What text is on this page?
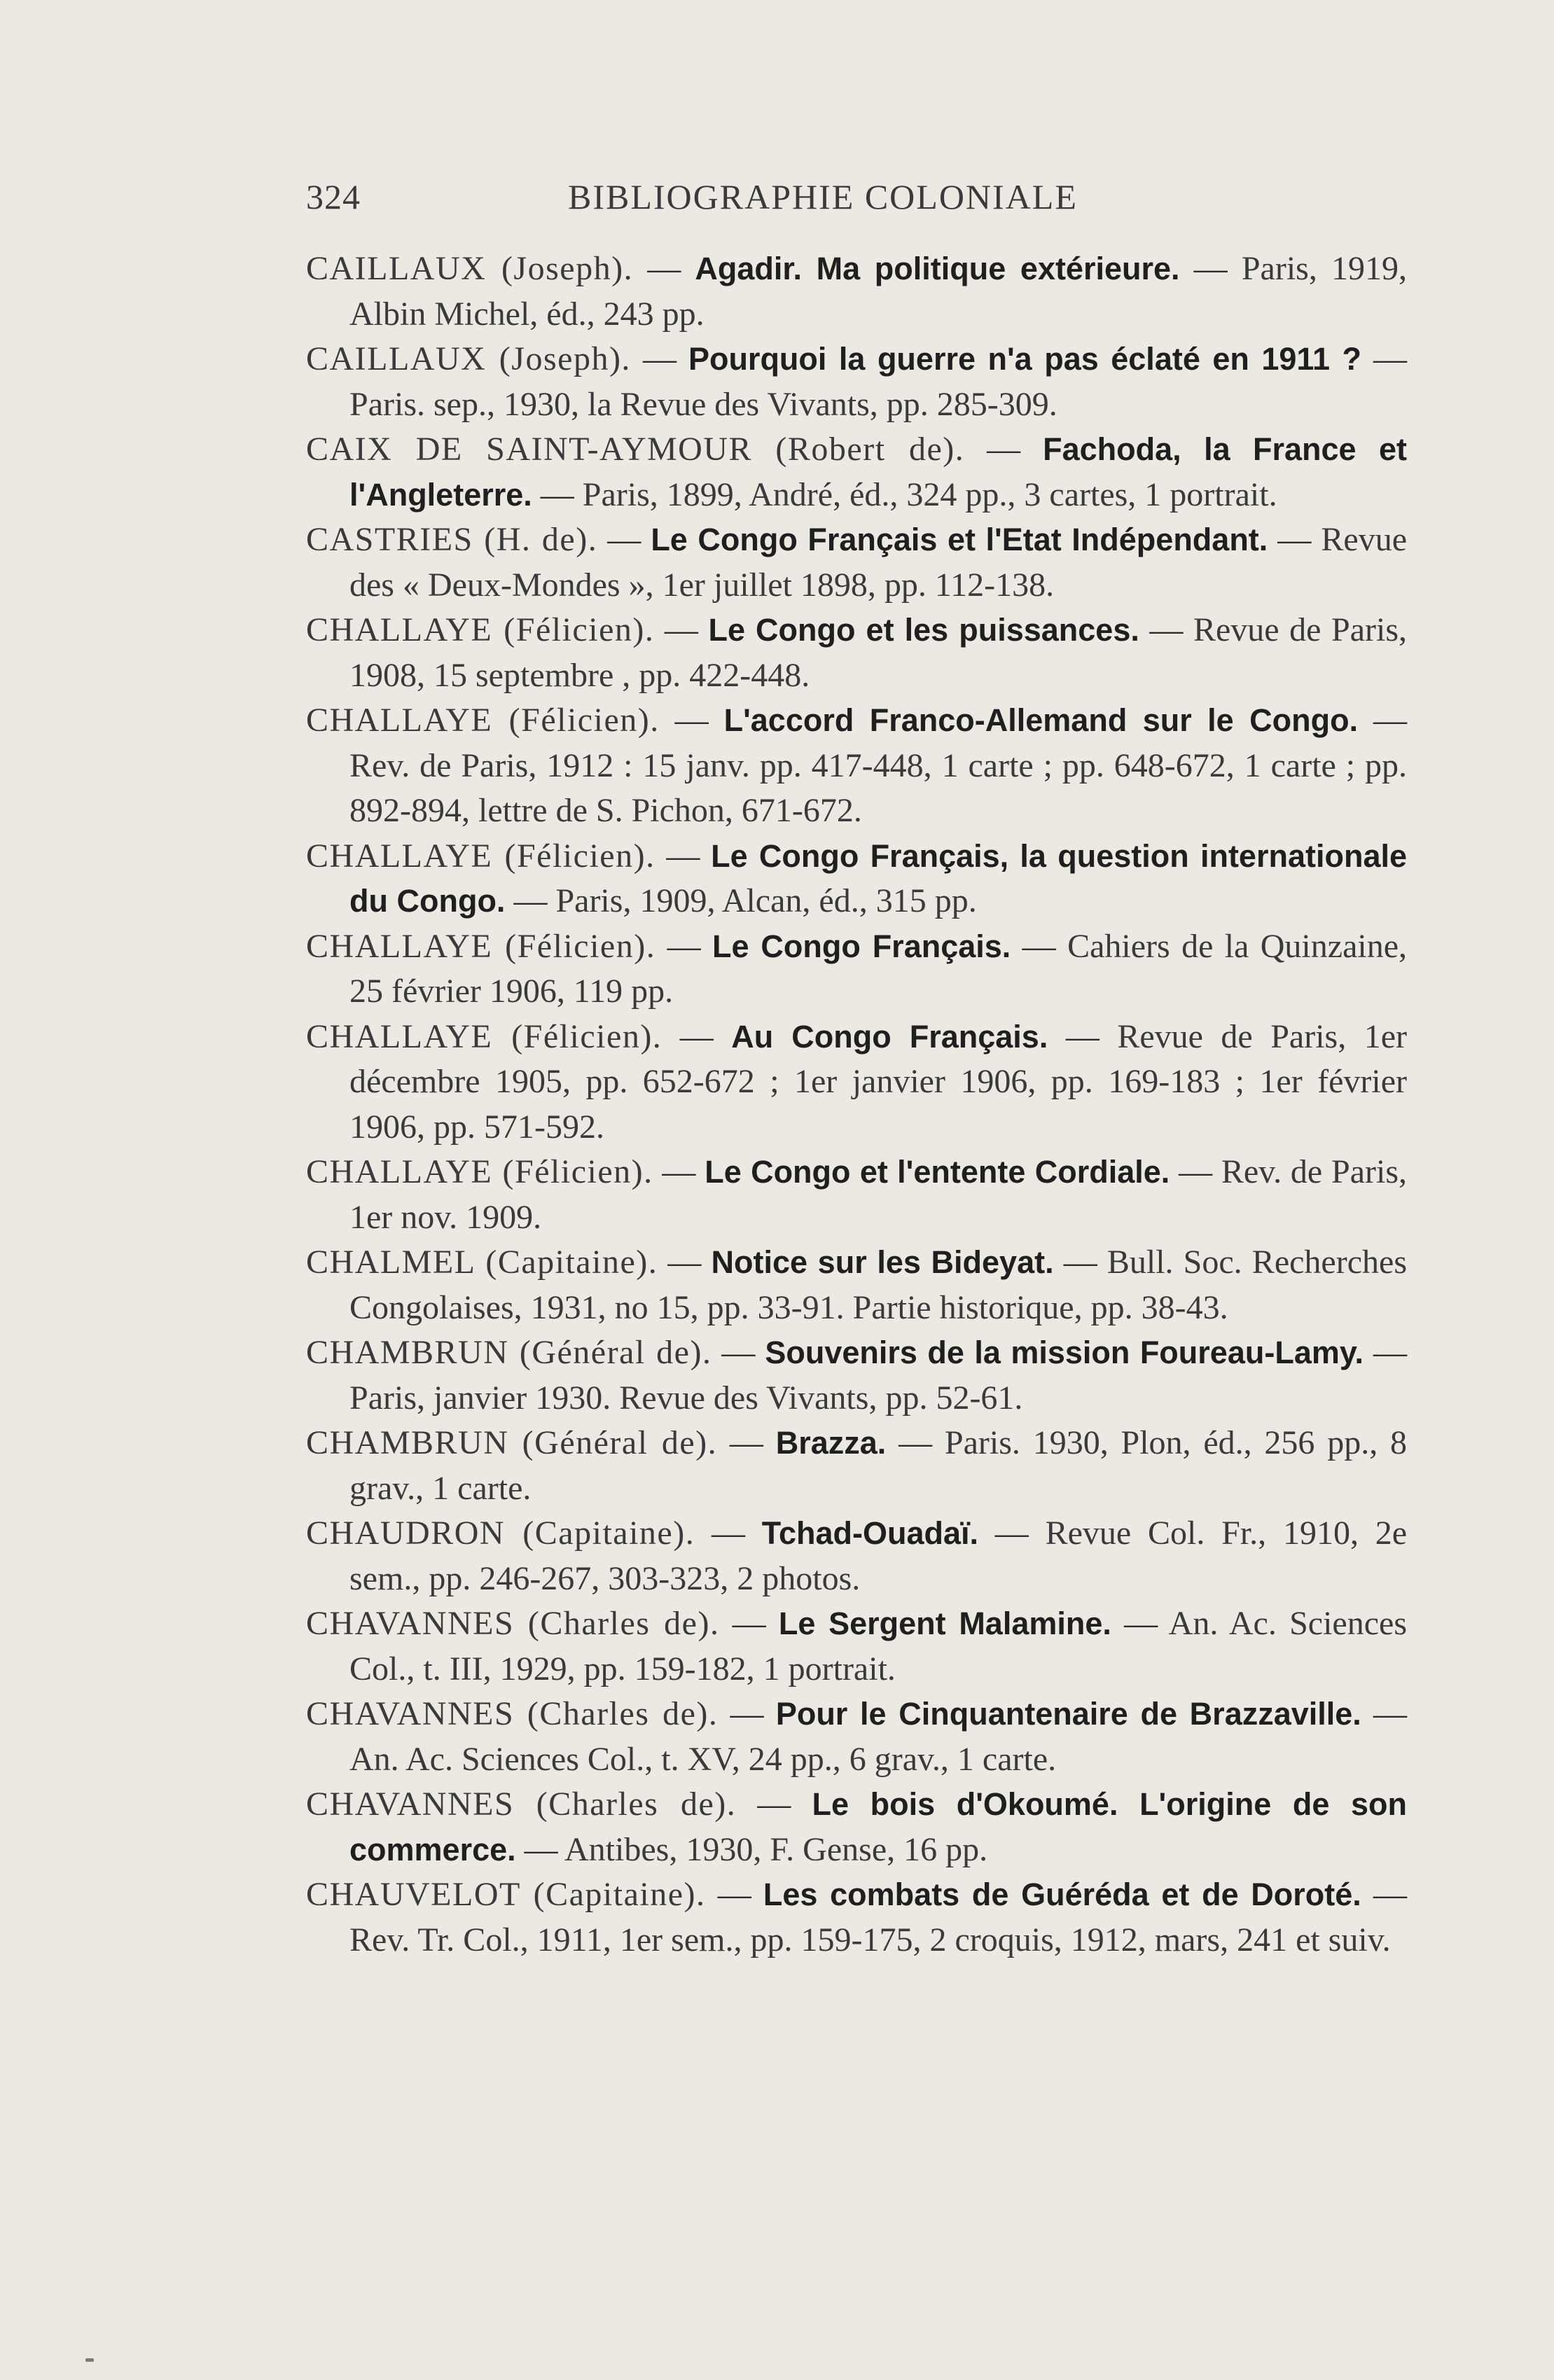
324	BIBLIOGRAPHIE COLONIALE

CAILLAUX (Joseph). — Agadir. Ma politique extérieure. — Paris, 1919, Albin Michel, éd., 243 pp.

CAILLAUX (Joseph). — Pourquoi la guerre n'a pas éclaté en 1911 ? — Paris. sep., 1930, la Revue des Vivants, pp. 285-309.

CAIX DE SAINT-AYMOUR (Robert de). — Fachoda, la France et l'Angleterre. — Paris, 1899, André, éd., 324 pp., 3 cartes, 1 portrait.

CASTRIES (H. de). — Le Congo Français et l'Etat Indépendant. — Revue des « Deux-Mondes », 1er juillet 1898, pp. 112-138.

CHALLAYE (Félicien). — Le Congo et les puissances. — Revue de Paris, 1908, 15 septembre , pp. 422-448.

CHALLAYE (Félicien). — L'accord Franco-Allemand sur le Congo. — Rev. de Paris, 1912 : 15 janv. pp. 417-448, 1 carte ; pp. 648-672, 1 carte ; pp. 892-894, lettre de S. Pichon, 671-672.

CHALLAYE (Félicien). — Le Congo Français, la question internationale du Congo. — Paris, 1909, Alcan, éd., 315 pp.

CHALLAYE (Félicien). — Le Congo Français. — Cahiers de la Quinzaine, 25 février 1906, 119 pp.

CHALLAYE (Félicien). — Au Congo Français. — Revue de Paris, 1er décembre 1905, pp. 652-672 ; 1er janvier 1906, pp. 169-183 ; 1er février 1906, pp. 571-592.

CHALLAYE (Félicien). — Le Congo et l'entente Cordiale. — Rev. de Paris, 1er nov. 1909.

CHALMEL (Capitaine). — Notice sur les Bideyat. — Bull. Soc. Recherches Congolaises, 1931, no 15, pp. 33-91. Partie historique, pp. 38-43.

CHAMBRUN (Général de). — Souvenirs de la mission Foureau-Lamy. — Paris, janvier 1930. Revue des Vivants, pp. 52-61.

CHAMBRUN (Général de). — Brazza. — Paris. 1930, Plon, éd., 256 pp., 8 grav., 1 carte.

CHAUDRON (Capitaine). — Tchad-Ouadaï. — Revue Col. Fr., 1910, 2e sem., pp. 246-267, 303-323, 2 photos.

CHAVANNES (Charles de). — Le Sergent Malamine. — An. Ac. Sciences Col., t. III, 1929, pp. 159-182, 1 portrait.

CHAVANNES (Charles de). — Pour le Cinquantenaire de Brazzaville. — An. Ac. Sciences Col., t. XV, 24 pp., 6 grav., 1 carte.

CHAVANNES (Charles de). — Le bois d'Okoumé. L'origine de son commerce. — Antibes, 1930, F. Gense, 16 pp.

CHAUVELOT (Capitaine). — Les combats de Guéréda et de Doroté. — Rev. Tr. Col., 1911, 1er sem., pp. 159-175, 2 croquis, 1912, mars, 241 et suiv.
